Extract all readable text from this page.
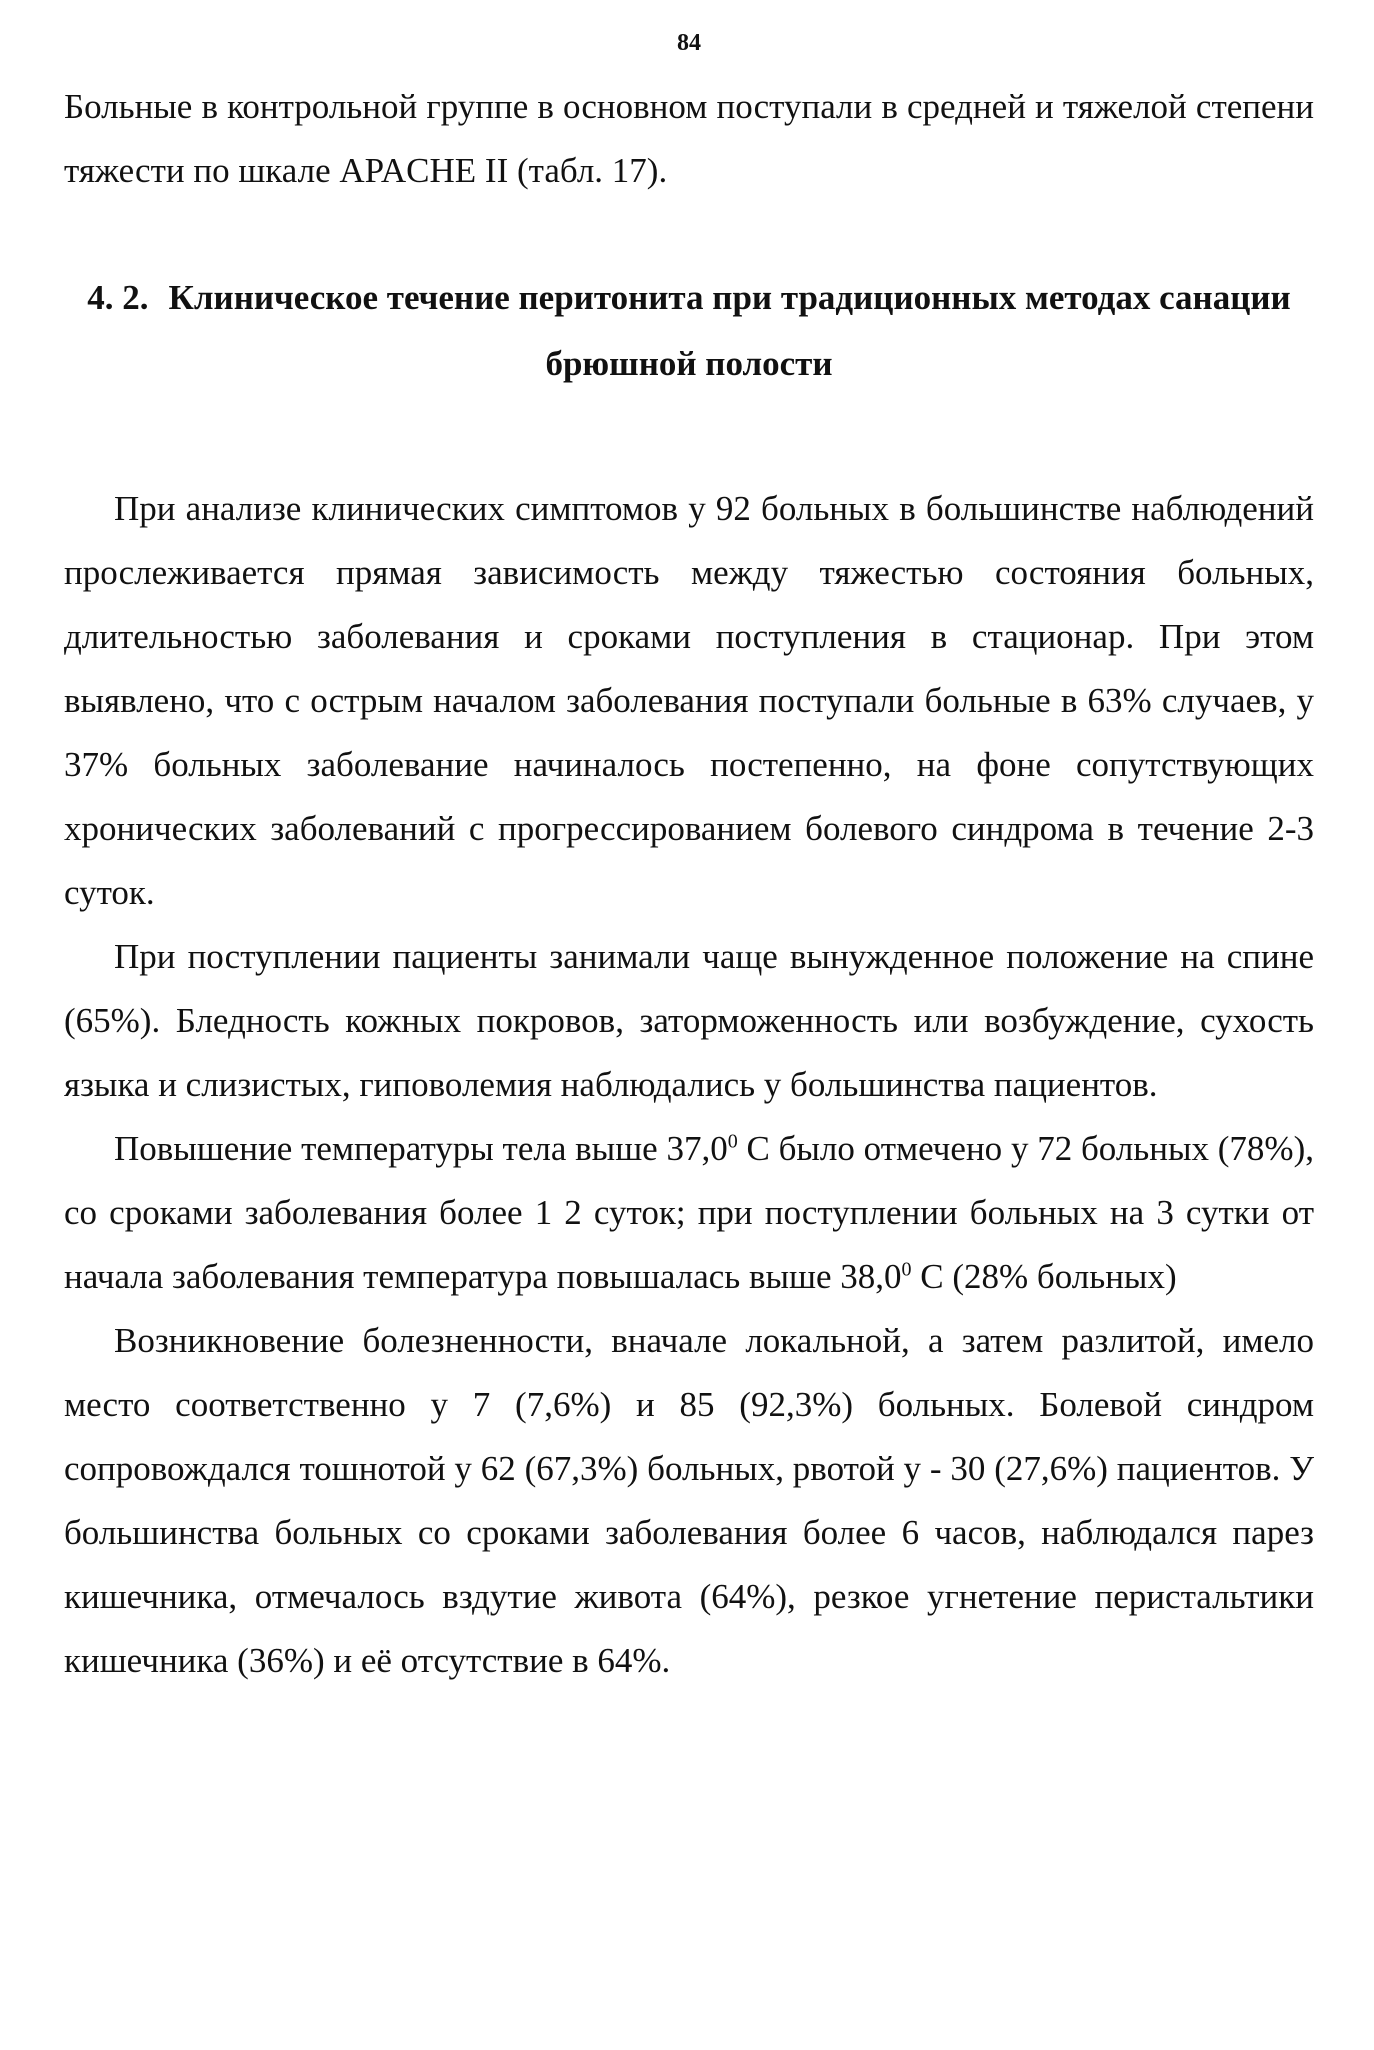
84

Больные в контрольной группе в основном поступали в средней и тяжелой степени тяжести по шкале APACHE II (табл. 17).

4. 2. Клиническое течение перитонита при традиционных методах санации брюшной полости

При анализе клинических симптомов у 92 больных в большинстве наблюдений прослеживается прямая зависимость между тяжестью состояния больных, длительностью заболевания и сроками поступления в стационар. При этом выявлено, что с острым началом заболевания поступали больные в 63% случаев, у 37% больных заболевание начиналось постепенно, на фоне сопутствующих хронических заболеваний с прогрессированием болевого синдрома в течение 2-3 суток.

При поступлении пациенты занимали чаще вынужденное положение на спине (65%). Бледность кожных покровов, заторможенность или возбуждение, сухость языка и слизистых, гиповолемия наблюдались у большинства пациентов.

Повышение температуры тела выше 37,0$^0$ С было отмечено у 72 больных (78%), со сроками заболевания более 1 2 суток; при поступлении больных на 3 сутки от начала заболевания температура повышалась выше 38,0$^0$ С (28% больных)

Возникновение болезненности, вначале локальной, а затем разлитой, имело место соответственно у 7 (7,6%) и 85 (92,3%) больных. Болевой синдром сопровождался тошнотой у 62 (67,3%) больных, рвотой у - 30 (27,6%) пациентов. У большинства больных со сроками заболевания более 6 часов, наблюдался парез кишечника, отмечалось вздутие живота (64%), резкое угнетение перистальтики кишечника (36%) и её отсутствие в 64%.
